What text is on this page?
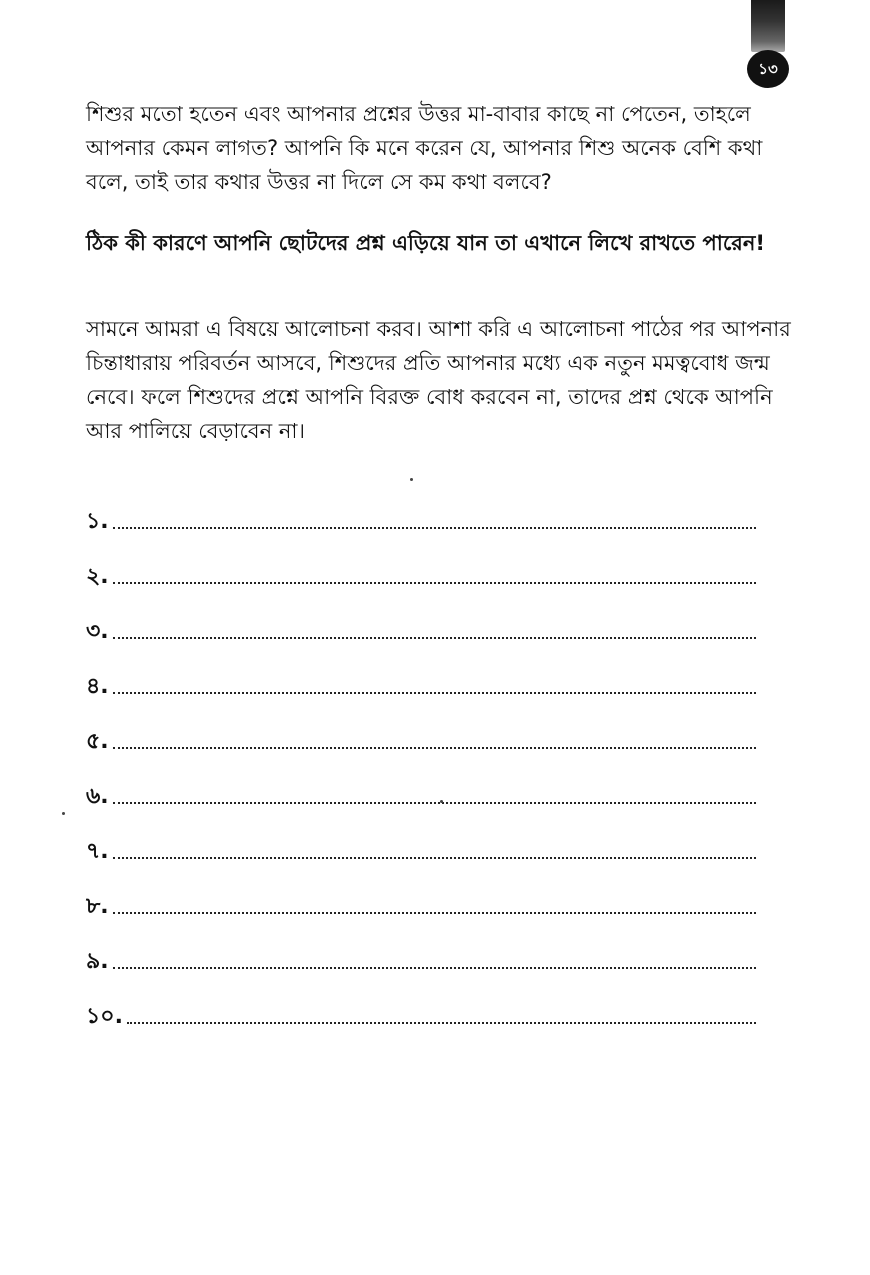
১৩

শিশুর মতো হতেন এবং আপনার প্রশ্নের উত্তর মা-বাবার কাছে না পেতেন, তাহলে আপনার কেমন লাগত? আপনি কি মনে করেন যে, আপনার শিশু অনেক বেশি কথা বলে, তাই তার কথার উত্তর না দিলে সে কম কথা বলবে?

ঠিক কী কারণে আপনি ছোটদের প্রশ্ন এড়িয়ে যান তা এখানে লিখে রাখতে পারেন!

সামনে আমরা এ বিষয়ে আলোচনা করব। আশা করি এ আলোচনা পাঠের পর আপনার চিন্তাধারায় পরিবর্তন আসবে, শিশুদের প্রতি আপনার মধ্যে এক নতুন মমত্ববোধ জন্ম নেবে। ফলে শিশুদের প্রশ্নে আপনি বিরক্ত বোধ করবেন না, তাদের প্রশ্ন থেকে আপনি আর পালিয়ে বেড়াবেন না।

১.
২.
৩.
৪.
৫.
৬.
৭.
৮.
৯.
১০.
